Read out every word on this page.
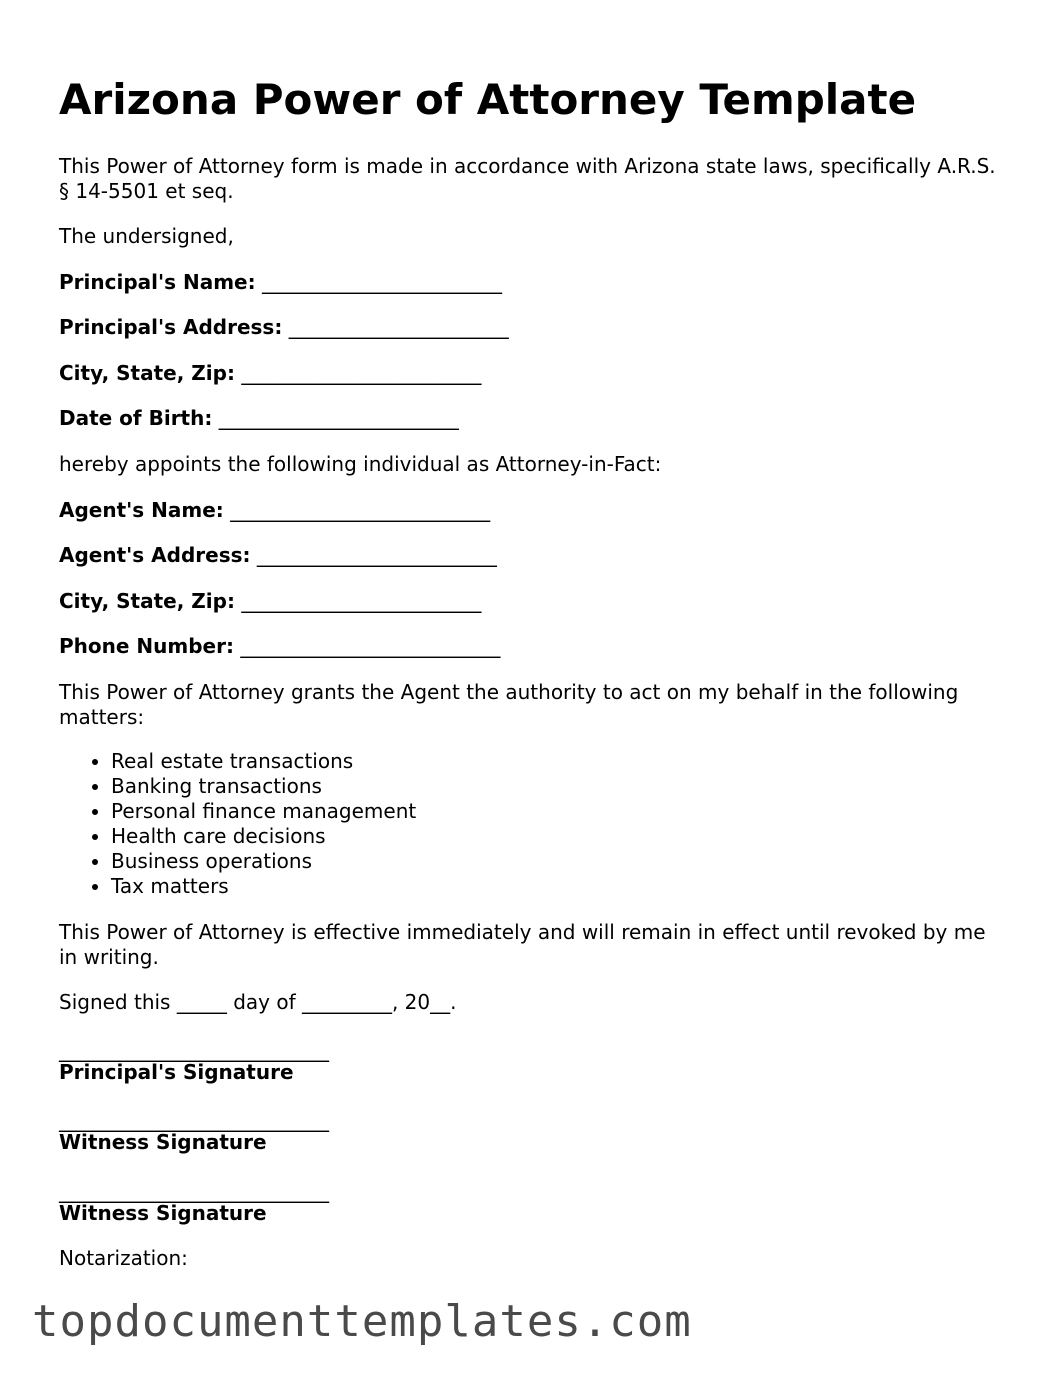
Arizona Power of Attorney Template

This Power of Attorney form is made in accordance with Arizona state laws, specifically A.R.S. § 14-5501 et seq.

The undersigned,

Principal's Name: ________________________

Principal's Address: ______________________

City, State, Zip: ________________________

Date of Birth: ________________________

hereby appoints the following individual as Attorney-in-Fact:

Agent's Name: __________________________

Agent's Address: ________________________

City, State, Zip: ________________________

Phone Number: __________________________

This Power of Attorney grants the Agent the authority to act on my behalf in the following matters:

• Real estate transactions
• Banking transactions
• Personal finance management
• Health care decisions
• Business operations
• Tax matters

This Power of Attorney is effective immediately and will remain in effect until revoked by me in writing.

Signed this _____ day of _________, 20__.

___________________________
Principal's Signature
___________________________
Witness Signature
___________________________
Witness Signature

Notarization:

topdocumenttemplates.com
